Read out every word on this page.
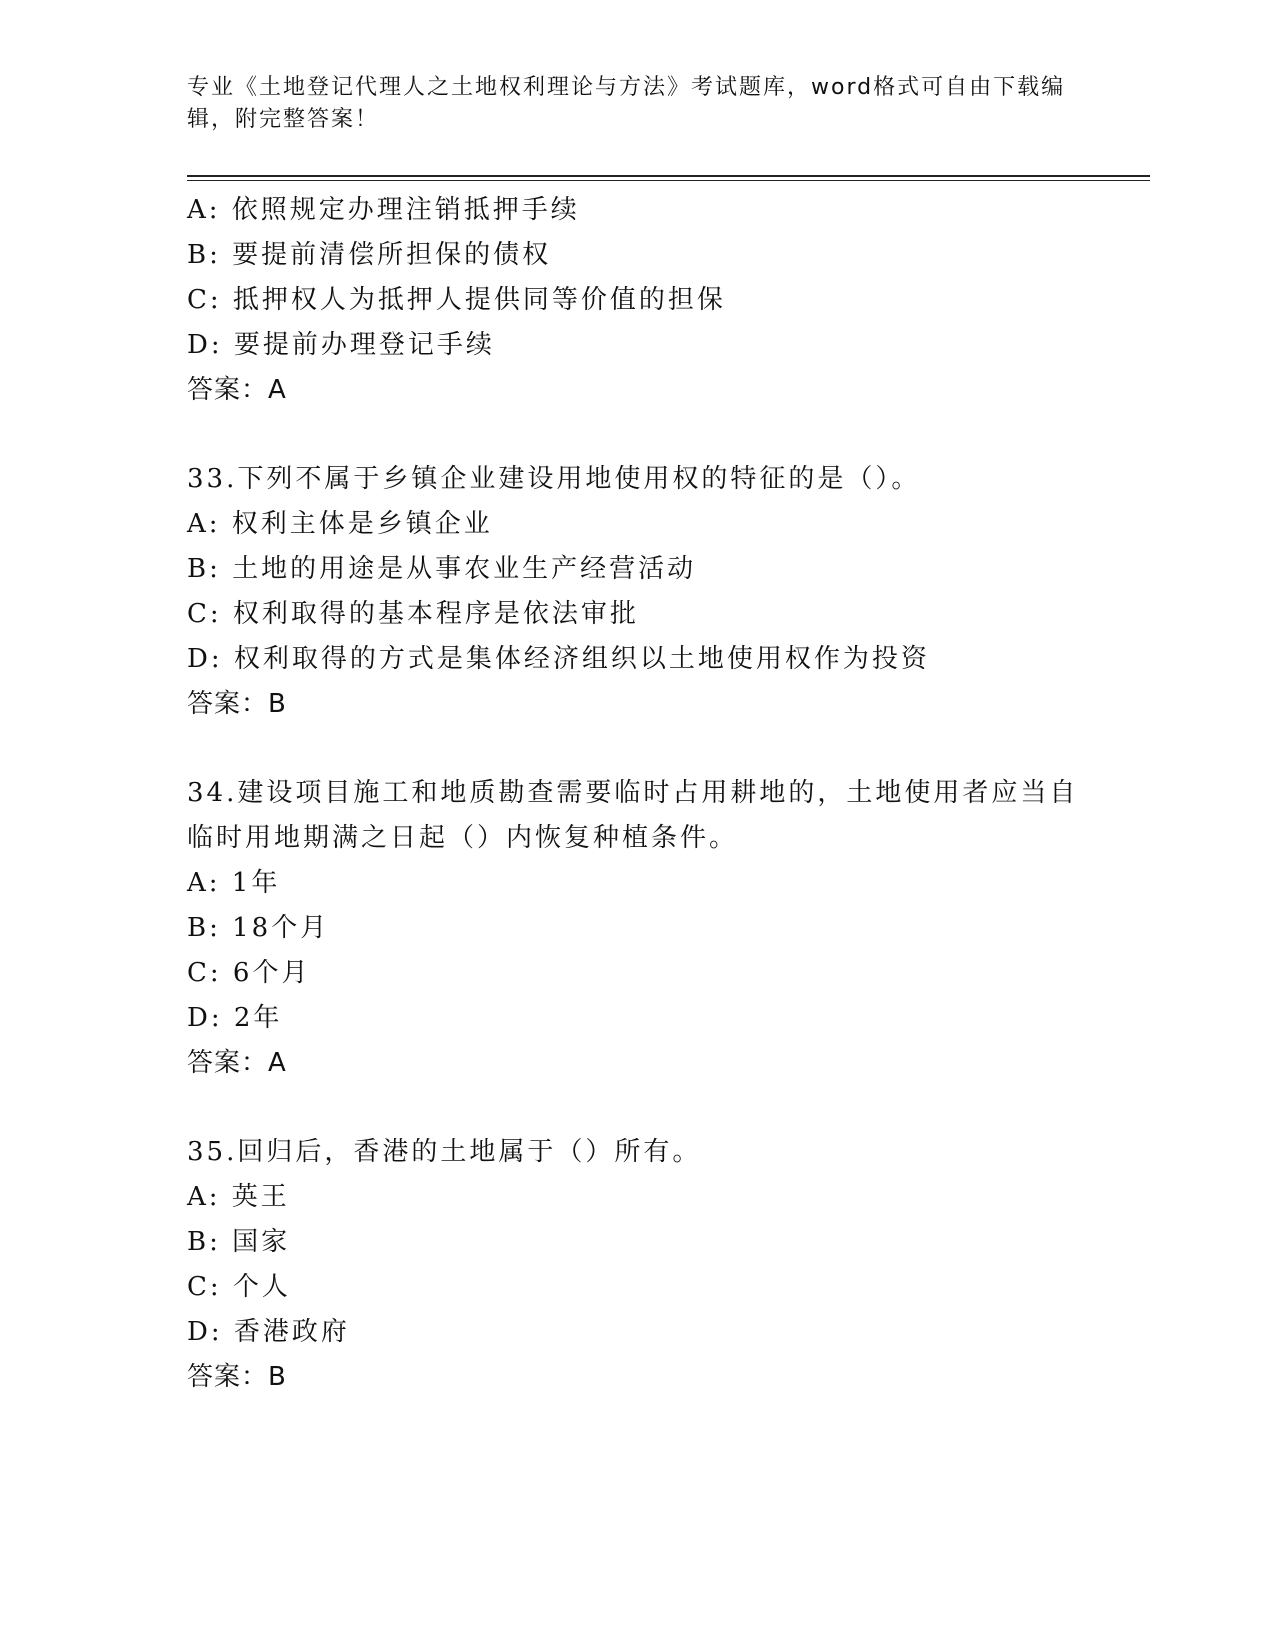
专业《土地登记代理人之土地权利理论与方法》考试题库，word格式可自由下载编辑，附完整答案！
A: 依照规定办理注销抵押手续
B: 要提前清偿所担保的债权
C: 抵押权人为抵押人提供同等价值的担保
D: 要提前办理登记手续
答案：A
33.下列不属于乡镇企业建设用地使用权的特征的是（）。
A: 权利主体是乡镇企业
B: 土地的用途是从事农业生产经营活动
C: 权利取得的基本程序是依法审批
D: 权利取得的方式是集体经济组织以土地使用权作为投资
答案：B
34.建设项目施工和地质勘查需要临时占用耕地的，土地使用者应当自临时用地期满之日起（）内恢复种植条件。
A: 1年
B: 18个月
C: 6个月
D: 2年
答案：A
35.回归后，香港的土地属于（）所有。
A: 英王
B: 国家
C: 个人
D: 香港政府
答案：B
